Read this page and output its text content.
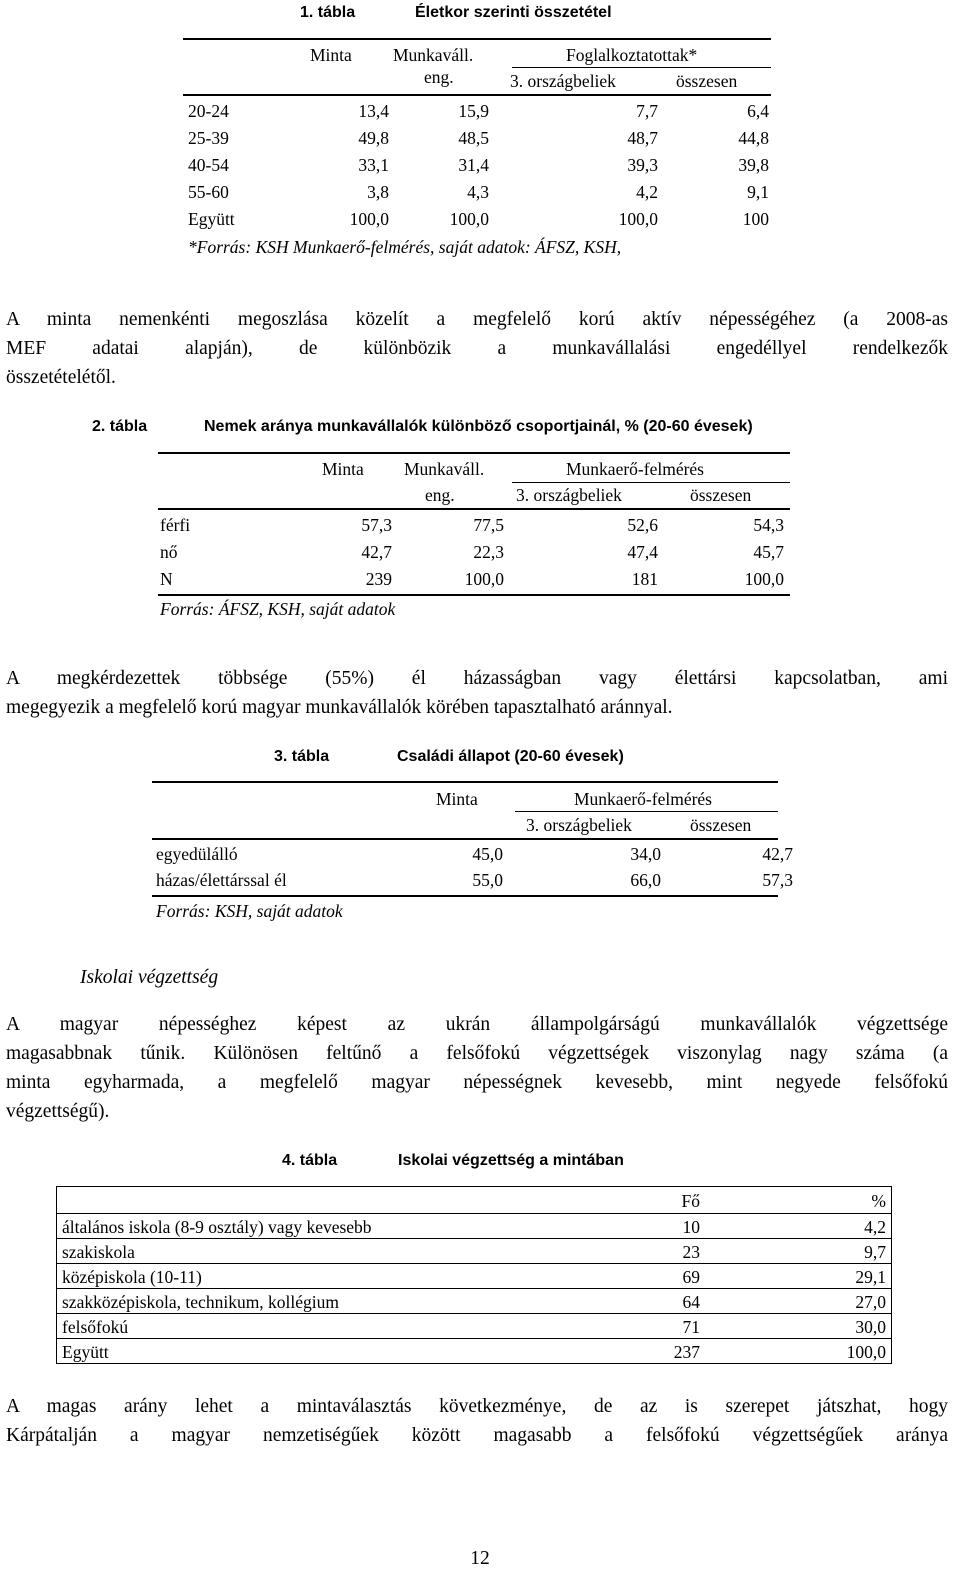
1. tábla	Életkor szerinti összetétel
Minta Munkaváll.
eng.
Foglalkoztatottak*
3. országbeliek	összesen
20-24	13,4	15,9	7,7	6,4
25-39	49,8	48,5	48,7	44,8
40-54	33,1	31,4	39,3	39,8
55-60	3,8	4,3	4,2	9,1
Együtt	100,0	100,0	100,0	100
*Forrás: KSH Munkaerő-felmérés, saját adatok: ÁFSZ, KSH,
A minta nemenkénti megoszlása közelít a megfelelő korú aktív népességéhez (a 2008-as
MEF adatai alapján), de különbözik a munkavállalási engedéllyel rendelkezők
összetételétől.
2. tábla	Nemek aránya munkavállalók különböző csoportjainál, % (20-60 évesek)
Minta Munkaváll.
eng.
Munkaerő-felmérés
3. országbeliek	összesen
férfi	57,3	77,5	52,6	54,3
nő	42,7	22,3	47,4	45,7
N	239	100,0	181	100,0
Forrás: ÁFSZ, KSH, saját adatok
A megkérdezettek többsége (55%) él házasságban vagy élettársi kapcsolatban, ami
megegyezik a megfelelő korú magyar munkavállalók körében tapasztalható aránnyal.
3. tábla	Családi állapot (20-60 évesek)
Minta	Munkaerő-felmérés
3. országbeliek	összesen
egyedülálló	45,0	34,0	42,7
házas/élettárssal él	55,0	66,0	57,3
Forrás: KSH, saját adatok
Iskolai végzettség
A magyar népességhez képest az ukrán állampolgárságú munkavállalók végzettsége
magasabbnak tűnik. Különösen feltűnő a felsőfokú végzettségek viszonylag nagy száma (a
minta egyharmada, a megfelelő magyar népességnek kevesebb, mint negyede felsőfokú
végzettségű).
4. tábla	Iskolai végzettség a mintában
Fő	%
általános iskola (8-9 osztály) vagy kevesebb	10	4,2
szakiskola	23	9,7
középiskola (10-11)	69	29,1
szakközépiskola, technikum, kollégium	64	27,0
felsőfokú	71	30,0
Együtt	237	100,0
A magas arány lehet a mintaválasztás következménye, de az is szerepet játszhat, hogy
Kárpátalján a magyar nemzetiségűek között magasabb a felsőfokú végzettségűek aránya
12
